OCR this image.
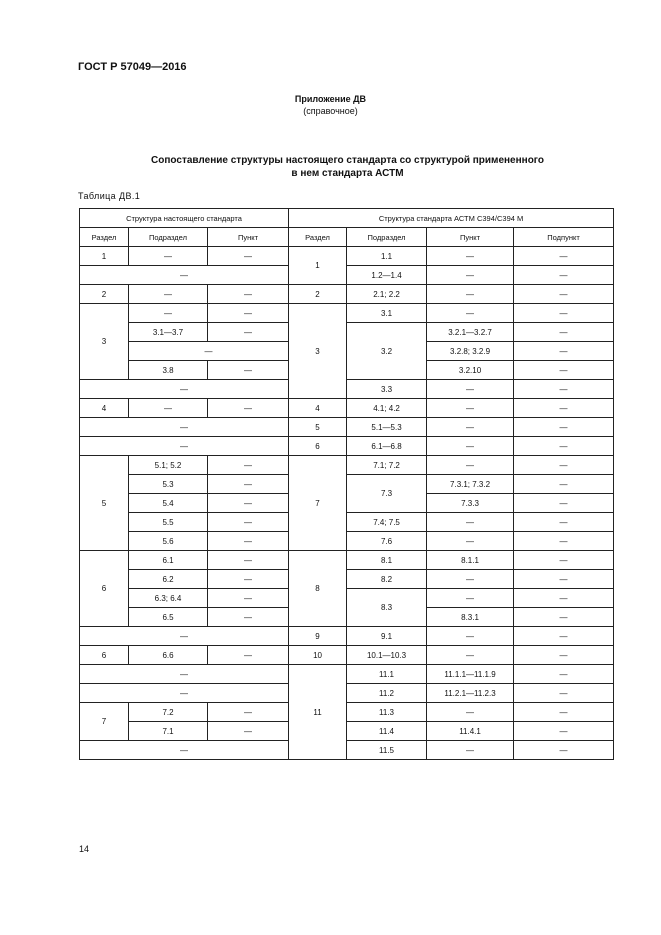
ГОСТ Р 57049—2016
Приложение ДВ
(справочное)
Сопоставление структуры настоящего стандарта со структурой примененного
в нем стандарта АСТМ
Таблица ДВ.1
Структура настоящего стандарта			Структура стандарта АСТМ С394/С394 М			
Раздел	Подраздел	Пункт	Раздел	Подраздел	Пункт	Подпункт
1	—	—	1	1.1	—	—
—				1.2—1.4	—	—
2	—	—	2	2.1; 2.2	—	—
3	—	—	3	3.1	—	—
	3.1—3.7	—		3.2	3.2.1—3.2.7	—
	—				3.2.8; 3.2.9	—
	3.8	—			3.2.10	—
—				3.3	—	—
4	—	—	4	4.1; 4.2	—	—
—			5	5.1—5.3	—	—
—			6	6.1—6.8	—	—
5	5.1; 5.2	—	7	7.1; 7.2	—	—
	5.3	—		7.3	7.3.1; 7.3.2	—
	5.4	—			7.3.3	—
	5.5	—		7.4; 7.5	—	—
	5.6	—		7.6	—	—
6	6.1	—	8	8.1	8.1.1	—
	6.2	—		8.2	—	—
	6.3; 6.4	—		8.3	—	—
	6.5	—			8.3.1	—
—			9	9.1	—	—
6	6.6	—	10	10.1—10.3	—	—
—			11	11.1	11.1.1—11.1.9	—
—				11.2	11.2.1—11.2.3	—
7	7.2	—		11.3	—	—
	7.1	—		11.4	11.4.1	—
—				11.5	—	—
14
